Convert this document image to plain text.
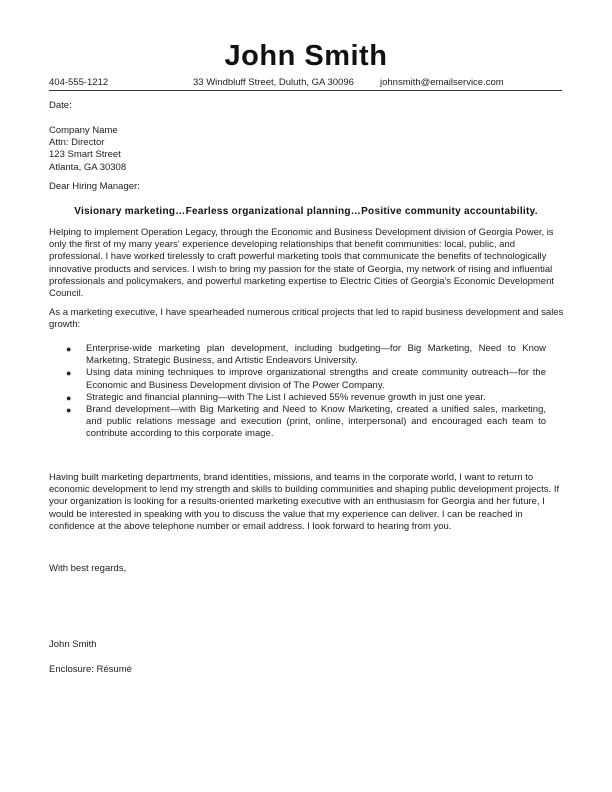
John Smith
404-555-1212	33 Windbluff Street, Duluth, GA 30096	johnsmith@emailservice.com
Date:
Company Name
Attn: Director
123 Smart Street
Atlanta, GA 30308
Dear Hiring Manager:
Visionary marketing…Fearless organizational planning…Positive community accountability.
Helping to implement Operation Legacy, through the Economic and Business Development division of Georgia Power, is only the first of my many years' experience developing relationships that benefit communities: local, public, and professional. I have worked tirelessly to craft powerful marketing tools that communicate the benefits of technologically innovative products and services. I wish to bring my passion for the state of Georgia, my network of rising and influential professionals and policymakers, and powerful marketing expertise to Electric Cities of Georgia's Economic Development Council.
As a marketing executive, I have spearheaded numerous critical projects that led to rapid business development and sales growth:
● Enterprise-wide marketing plan development, including budgeting—for Big Marketing, Need to Know Marketing, Strategic Business, and Artistic Endeavors University.
● Using data mining techniques to improve organizational strengths and create community outreach—for the Economic and Business Development division of The Power Company.
● Strategic and financial planning—with The List I achieved 55% revenue growth in just one year.
● Brand development—with Big Marketing and Need to Know Marketing, created a unified sales, marketing, and public relations message and execution (print, online, interpersonal) and encouraged each team to contribute according to this corporate image.
Having built marketing departments, brand identities, missions, and teams in the corporate world, I want to return to economic development to lend my strength and skills to building communities and shaping public development projects. If your organization is looking for a results-oriented marketing executive with an enthusiasm for Georgia and her future, I would be interested in speaking with you to discuss the value that my experience can deliver. I can be reached in confidence at the above telephone number or email address. I look forward to hearing from you.
With best regards,
John Smith
Enclosure: Résumé
